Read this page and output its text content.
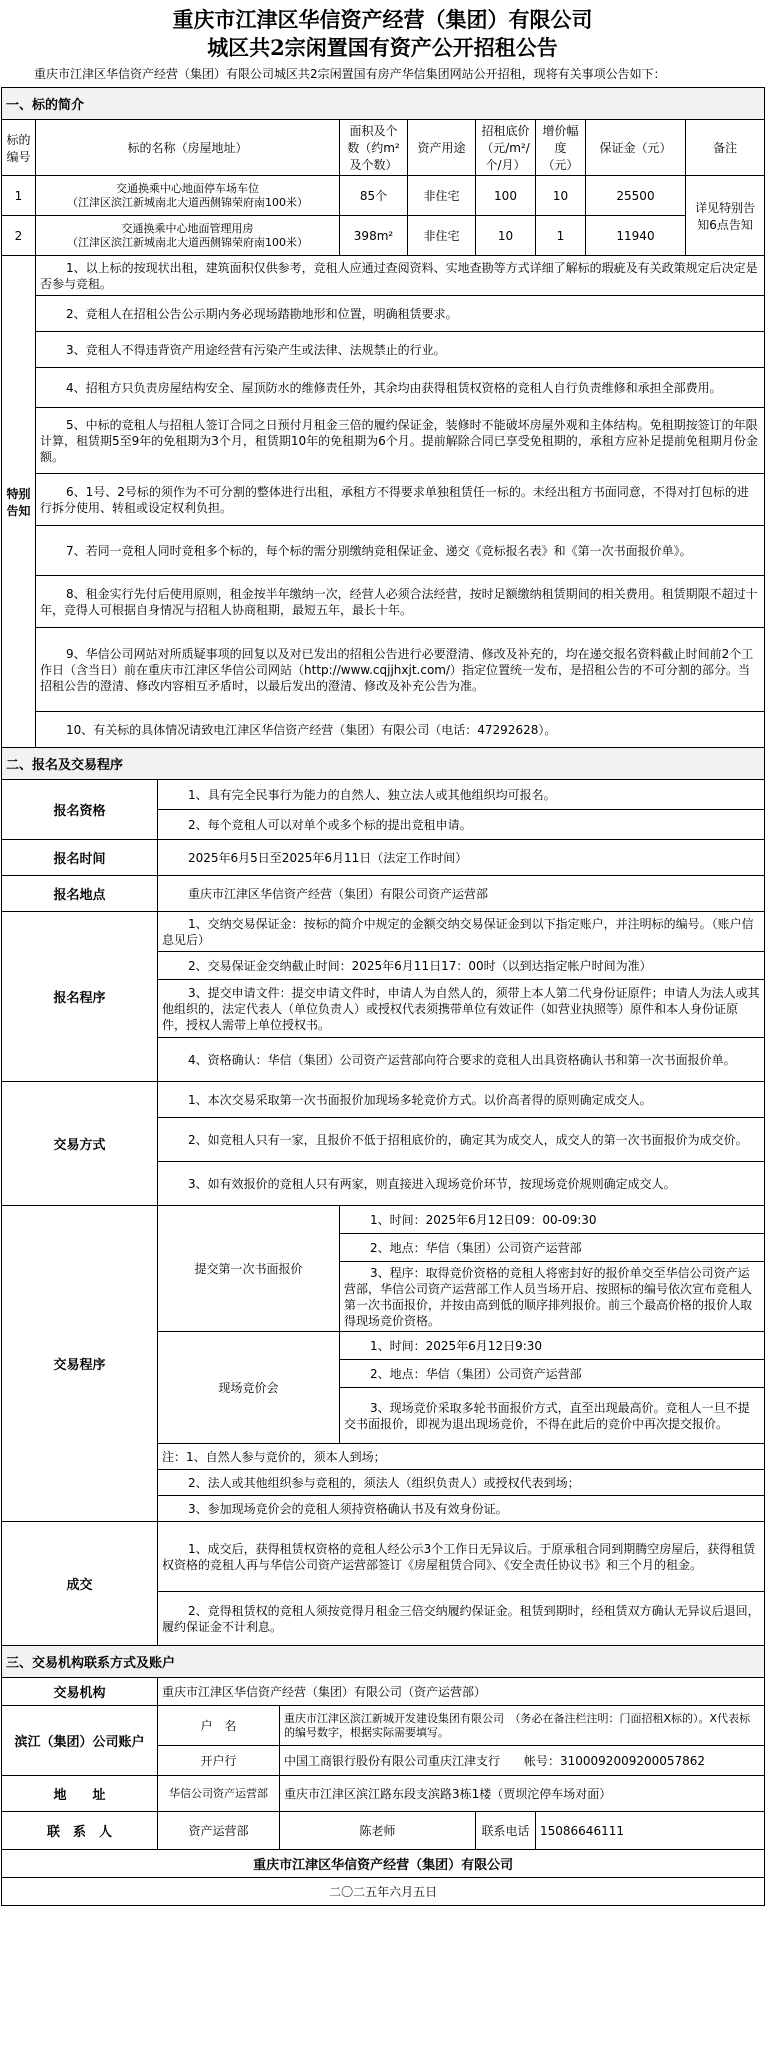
重庆市江津区华信资产经营（集团）有限公司
城区共2宗闲置国有资产公开招租公告
重庆市江津区华信资产经营（集团）有限公司城区共2宗闲置国有房产华信集团网站公开招租，现将有关事项公告如下：
一、标的简介									
标的编号	标的名称（房屋地址）			面积及个数（约m²及个数）	资产用途	招租底价（元/m²/个/月）	增价幅度（元）	保证金（元）	备注
1	交通换乘中心地面停车场车位
（江津区滨江新城南北大道西侧锦荣府南100米）			85个	非住宅	100	10	25500	详见特别告知6点告知
2	交通换乘中心地面管理用房
（江津区滨江新城南北大道西侧锦荣府南100米）			398m²	非住宅	10	1	11940	
特别告知	1、以上标的按现状出租，建筑面积仅供参考，竞租人应通过查阅资料、实地查勘等方式详细了解标的瑕疵及有关政策规定后决定是否参与竞租。								
	2、竞租人在招租公告公示期内务必现场踏勘地形和位置，明确租赁要求。								
	3、竞租人不得违背资产用途经营有污染产生或法律、法规禁止的行业。								
	4、招租方只负责房屋结构安全、屋顶防水的维修责任外，其余均由获得租赁权资格的竞租人自行负责维修和承担全部费用。								
	5、中标的竞租人与招租人签订合同之日预付月租金三倍的履约保证金，装修时不能破坏房屋外观和主体结构。免租期按签订的年限计算，租赁期5至9年的免租期为3个月，租赁期10年的免租期为6个月。提前解除合同已享受免租期的，承租方应补足提前免租期月份金额。								
	6、1号、2号标的须作为不可分割的整体进行出租，承租方不得要求单独租赁任一标的。未经出租方书面同意，不得对打包标的进行拆分使用、转租或设定权利负担。								
	7、若同一竞租人同时竞租多个标的，每个标的需分别缴纳竞租保证金、递交《竞标报名表》和《第一次书面报价单》。								
	8、租金实行先付后使用原则，租金按半年缴纳一次，经营人必须合法经营，按时足额缴纳租赁期间的相关费用。租赁期限不超过十年，竞得人可根据自身情况与招租人协商租期，最短五年，最长十年。								
	9、华信公司网站对所质疑事项的回复以及对已发出的招租公告进行必要澄清、修改及补充的，均在递交报名资料截止时间前2个工作日（含当日）前在重庆市江津区华信公司网站（http://www.cqjjhxjt.com/）指定位置统一发布，是招租公告的不可分割的部分。当招租公告的澄清、修改内容相互矛盾时，以最后发出的澄清、修改及补充公告为准。								
	10、有关标的具体情况请致电江津区华信资产经营（集团）有限公司（电话：47292628）。								
二、报名及交易程序									
报名资格		1、具有完全民事行为能力的自然人、独立法人或其他组织均可报名。							
		2、每个竞租人可以对单个或多个标的提出竞租申请。							
报名时间		2025年6月5日至2025年6月11日（法定工作时间）							
报名地点		重庆市江津区华信资产经营（集团）有限公司资产运营部							
报名程序		1、交纳交易保证金：按标的简介中规定的金额交纳交易保证金到以下指定账户，并注明标的编号。（账户信息见后）							
		2、交易保证金交纳截止时间：2025年6月11日17：00时（以到达指定帐户时间为准）							
		3、提交申请文件：提交申请文件时，申请人为自然人的，须带上本人第二代身份证原件；申请人为法人或其他组织的，法定代表人（单位负责人）或授权代表须携带单位有效证件（如营业执照等）原件和本人身份证原件，授权人需带上单位授权书。							
		4、资格确认：华信（集团）公司资产运营部向符合要求的竞租人出具资格确认书和第一次书面报价单。							
交易方式		1、本次交易采取第一次书面报价加现场多轮竞价方式。以价高者得的原则确定成交人。							
		2、如竞租人只有一家，且报价不低于招租底价的，确定其为成交人，成交人的第一次书面报价为成交价。							
		3、如有效报价的竞租人只有两家，则直接进入现场竞价环节，按现场竞价规则确定成交人。							
交易程序		提交第一次书面报价		1、时间：2025年6月12日09：00-09:30					
				2、地点：华信（集团）公司资产运营部					
				3、程序：取得竞价资格的竞租人将密封好的报价单交至华信公司资产运营部，华信公司资产运营部工作人员当场开启、按照标的编号依次宣布竞租人第一次书面报价，并按由高到低的顺序排列报价。前三个最高价格的报价人取得现场竞价资格。					
		现场竞价会		1、时间：2025年6月12日9:30					
				2、地点：华信（集团）公司资产运营部					
				3、现场竞价采取多轮书面报价方式，直至出现最高价。竞租人一旦不提交书面报价，即视为退出现场竞价，不得在此后的竞价中再次提交报价。					
		注：1、自然人参与竞价的，须本人到场；							
		2、法人或其他组织参与竞租的，须法人（组织负责人）或授权代表到场；							
		3、参加现场竞价会的竞租人须持资格确认书及有效身份证。							
成交		1、成交后，获得租赁权资格的竞租人经公示3个工作日无异议后。于原承租合同到期腾空房屋后，获得租赁权资格的竞租人再与华信公司资产运营部签订《房屋租赁合同》、《安全责任协议书》和三个月的租金。							
		2、竞得租赁权的竞租人须按竞得月租金三倍交纳履约保证金。租赁到期时，经租赁双方确认无异议后退回，履约保证金不计利息。							
三、交易机构联系方式及账户									
交易机构		重庆市江津区华信资产经营（集团）有限公司（资产运营部）							
滨江（集团）公司账户		户　名	重庆市江津区滨江新城开发建设集团有限公司　（务必在备注栏注明：门面招租X标的）。X代表标的编号数字，根据实际需要填写。						
		开户行	中国工商银行股份有限公司重庆江津支行　　帐号：3100092009200057862						
地　　址		华信公司资产运营部	重庆市江津区滨江路东段支滨路3栋1楼（贾坝沱停车场对面）						
联　系　人		资产运营部	陈老师			联系电话	15086646111		
重庆市江津区华信资产经营（集团）有限公司									
二〇二五年六月五日									
